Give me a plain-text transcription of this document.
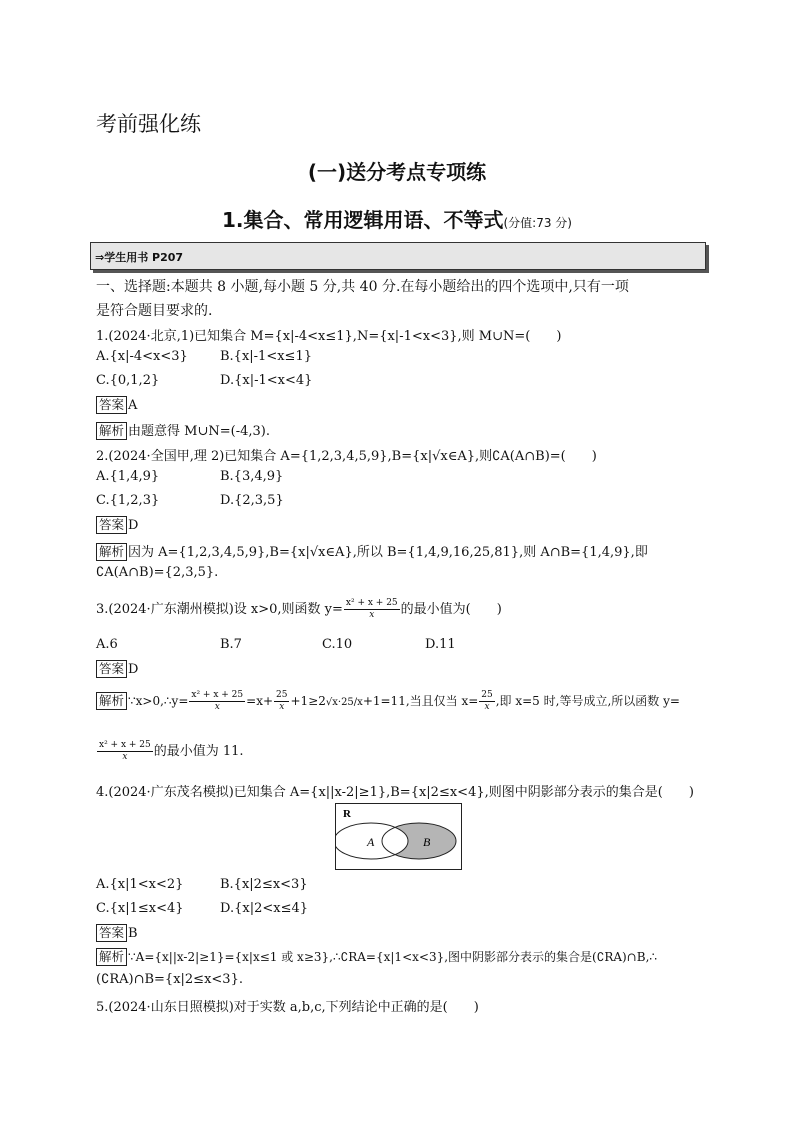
考前强化练
(一)送分考点专项练
1.集合、常用逻辑用语、不等式(分值:73 分)
⇒学生用书 P207
一、选择题:本题共 8 小题,每小题 5 分,共 40 分.在每小题给出的四个选项中,只有一项
是符合题目要求的.
1.(2024·北京,1)已知集合 M={x|-4<x≤1},N={x|-1<x<3},则 M∪N=(　　)
A.{x|-4<x<3} B.{x|-1<x≤1}
C.{0,1,2}	D.{x|-1<x<4}
答案 A
解析 由题意得 M∪N=(-4,3).
2.(2024·全国甲,理 2)已知集合 A={1,2,3,4,5,9},B={x|√x∈A},则∁A(A∩B)=(　　)
A.{1,4,9}	B.{3,4,9}
C.{1,2,3}	D.{2,3,5}
答案 D
解析 因为 A={1,2,3,4,5,9},B={x|√x∈A},所以 B={1,4,9,16,25,81},则 A∩B={1,4,9},即
∁A(A∩B)={2,3,5}.
3.(2024·广东潮州模拟)设 x>0,则函数 $y= \frac{\text{x² + x + 25}}{x}$ 的最小值为(　　)
A.6	B.7	C.10	D.11
答案 D
解析 ∵x>0,∴y= $\frac{\text{x² + x + 25}}{x} =x+ \frac{25}{x} +1\ge 2√x\cdot 25/x+1=11$,当且仅当 $x= \frac{25}{x}$ ,即 x=5 时,等号成立,所以函数 y=
$\frac{\text{x² + x + 25}}{x}$ 的最小值为 11.
4.(2024·广东茂名模拟)已知集合 A={x||x-2|≥1},B={x|2≤x<4},则图中阴影部分表示的集合是(　　)
R
A	B
A.{x|1<x<2}	B.{x|2≤x<3}
C.{x|1≤x<4}	D.{x|2<x≤4}
答案 B
解析 ∵A={x||x-2|≥1}={x|x≤1 或 x≥3},∴∁RA={x|1<x<3},图中阴影部分表示的集合是(∁RA)∩B,∴
(∁RA)∩B={x|2≤x<3}.
5.(2024·山东日照模拟)对于实数 a,b,c,下列结论中正确的是(　　)
